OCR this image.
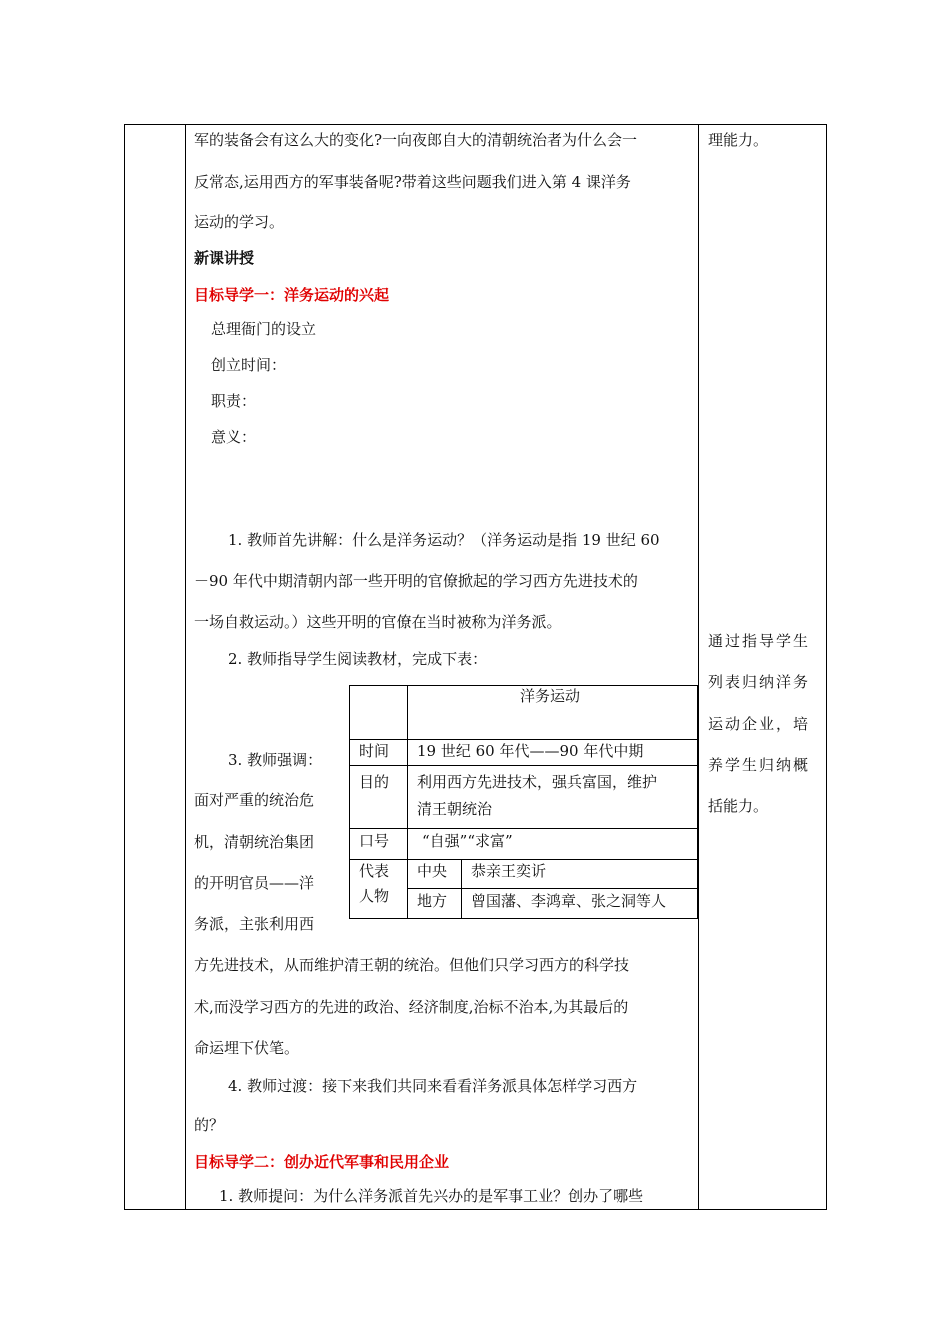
军的装备会有这么大的变化?一向夜郎自大的清朝统治者为什么会一
反常态,运用西方的军事装备呢?带着这些问题我们进入第 4 课洋务
运动的学习。
新课讲授
目标导学一：洋务运动的兴起
总理衙门的设立
创立时间：
职责：
意义：
1. 教师首先讲解：什么是洋务运动？（洋务运动是指 19 世纪 60
－90 年代中期清朝内部一些开明的官僚掀起的学习西方先进技术的
一场自救运动。）这些开明的官僚在当时被称为洋务派。
2. 教师指导学生阅读教材，完成下表：
3. 教师强调：
面对严重的统治危
机，清朝统治集团
的开明官员——洋
务派，主张利用西
方先进技术，从而维护清王朝的统治。但他们只学习西方的科学技
术,而没学习西方的先进的政治、经济制度,治标不治本,为其最后的
命运埋下伏笔。
4. 教师过渡：接下来我们共同来看看洋务派具体怎样学习西方
的？
目标导学二：创办近代军事和民用企业
1. 教师提问：为什么洋务派首先兴办的是军事工业？创办了哪些
洋务运动
时间 19 世纪 60 年代——90 年代中期
目的 利用西方先进技术，强兵富国，维护
清王朝统治
口号 “自强”“求富”
代表
人物
中央 恭亲王奕䜣
地方 曾国藩、李鸿章、张之洞等人
理能力。
通过指导学生
列表归纳洋务
运动企业，培
养学生归纳概
括能力。
